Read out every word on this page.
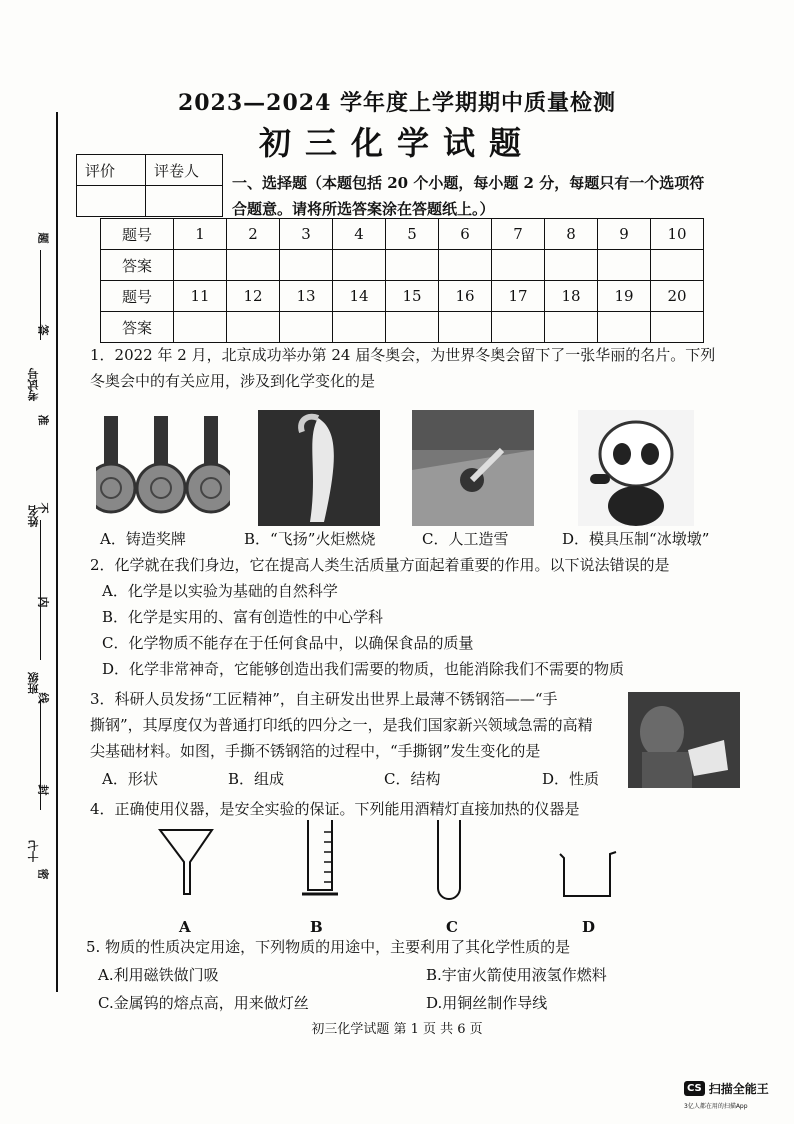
2023—2024 学年度上学期期中质量检测
初三化学试题
考试号
姓名
班级
十七
题
答
准
不
内
线
封
密
评价	评卷人

一、选择题（本题包括 20 个小题，每小题 2 分，每题只有一个选项符
合题意。请将所选答案涂在答题纸上。）
题号	1	2	3	4	5	6	7	8	9	10
答案										
题号	11	12	13	14	15	16	17	18	19	20
答案										
1．2022 年 2 月，北京成功举办第 24 届冬奥会，为世界冬奥会留下了一张华丽的名片。下列
冬奥会中的有关应用，涉及到化学变化的是
A．铸造奖牌	B．“飞扬”火炬燃烧	C．人工造雪	D．模具压制“冰墩墩”
2．化学就在我们身边，它在提高人类生活质量方面起着重要的作用。以下说法错误的是
A．化学是以实验为基础的自然科学
B．化学是实用的、富有创造性的中心学科
C．化学物质不能存在于任何食品中，以确保食品的质量
D．化学非常神奇，它能够创造出我们需要的物质，也能消除我们不需要的物质
3．科研人员发扬“工匠精神”，自主研发出世界上最薄不锈钢箔——“手
撕钢”，其厚度仅为普通打印纸的四分之一，是我们国家新兴领域急需的高精
尖基础材料。如图，手撕不锈钢箔的过程中，“手撕钢”发生变化的是
A．形状	B．组成	C．结构	D．性质
4．正确使用仪器，是安全实验的保证。下列能用酒精灯直接加热的仪器是
A	B	C	D
5. 物质的性质决定用途，下列物质的用途中，主要利用了其化学性质的是
A.利用磁铁做门吸	B.宇宙火箭使用液氢作燃料
C.金属钨的熔点高，用来做灯丝	D.用铜丝制作导线
初三化学试题 第 1 页 共 6 页
CS 扫描全能王
3亿人都在用的扫描App
